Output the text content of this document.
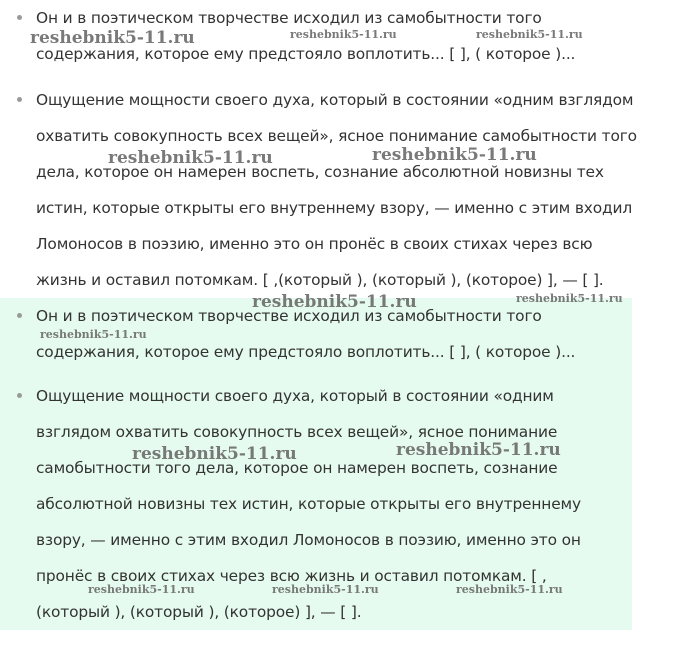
Он и в поэтическом творчестве исходил из самобытности того
содержания, которое ему предстояло воплотить... [ ], ( которое )...
Ощущение мощности своего духа, который в состоянии «одним взглядом
охватить совокупность всех вещей», ясное понимание самобытности того
дела, которое он намерен воспеть, сознание абсолютной новизны тех
истин, которые открыты его внутреннему взору, — именно с этим входил
Ломоносов в поэзию, именно это он пронёс в своих стихах через всю
жизнь и оставил потомкам. [ ,(который ), (который ), (которое) ], — [ ].
Он и в поэтическом творчестве исходил из самобытности того
содержания, которое ему предстояло воплотить... [ ], ( которое )...
Ощущение мощности своего духа, который в состоянии «одним
взглядом охватить совокупность всех вещей», ясное понимание
самобытности того дела, которое он намерен воспеть, сознание
абсолютной новизны тех истин, которые открыты его внутреннему
взору, — именно с этим входил Ломоносов в поэзию, именно это он
пронёс в своих стихах через всю жизнь и оставил потомкам. [ ,
(который ), (который ), (которое) ], — [ ].
reshebnik5-11.ru	reshebnik5-11.ru	reshebnik5-11.ru
reshebnik5-11.ru	reshebnik5-11.ru
reshebnik5-11.ru	reshebnik5-11.ru
reshebnik5-11.ru
reshebnik5-11.ru	reshebnik5-11.ru
reshebnik5-11.ru	reshebnik5-11.ru	reshebnik5-11.ru
